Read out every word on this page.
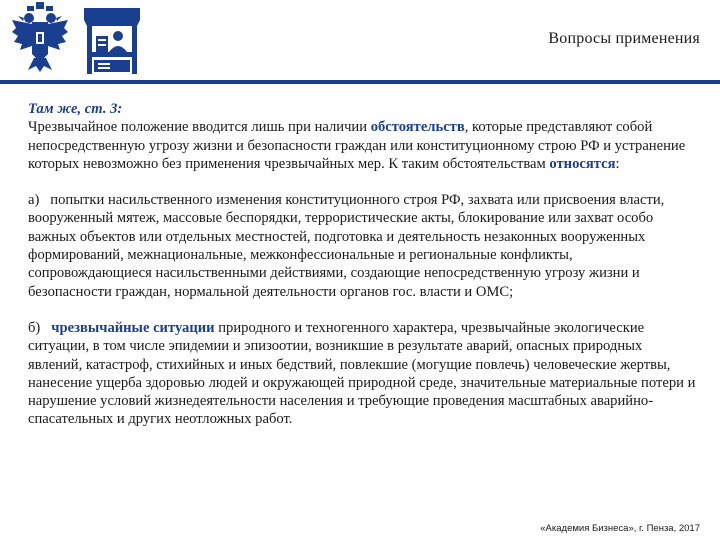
Вопросы применения

Там же, ст. 3:
Чрезвычайное положение вводится лишь при наличии обстоятельств, которые представляют собой непосредственную угрозу жизни и безопасности граждан или конституционному строю РФ и устранение которых невозможно без применения чрезвычайных мер. К таким обстоятельствам относятся:

а) попытки насильственного изменения конституционного строя РФ, захвата или присвоения власти, вооруженный мятеж, массовые беспорядки, террористические акты, блокирование или захват особо важных объектов или отдельных местностей, подготовка и деятельность незаконных вооруженных формирований, межнациональные, межконфессиональные и региональные конфликты, сопровождающиеся насильственными действиями, создающие непосредственную угрозу жизни и безопасности граждан, нормальной деятельности органов гос. власти и ОМС;

б) чрезвычайные ситуации природного и техногенного характера, чрезвычайные экологические ситуации, в том числе эпидемии и эпизоотии, возникшие в результате аварий, опасных природных явлений, катастроф, стихийных и иных бедствий, повлекшие (могущие повлечь) человеческие жертвы, нанесение ущерба здоровью людей и окружающей природной среде, значительные материальные потери и нарушение условий жизнедеятельности населения и требующие проведения масштабных аварийно-спасательных и других неотложных работ.

«Академия Бизнеса», г. Пенза, 2017
